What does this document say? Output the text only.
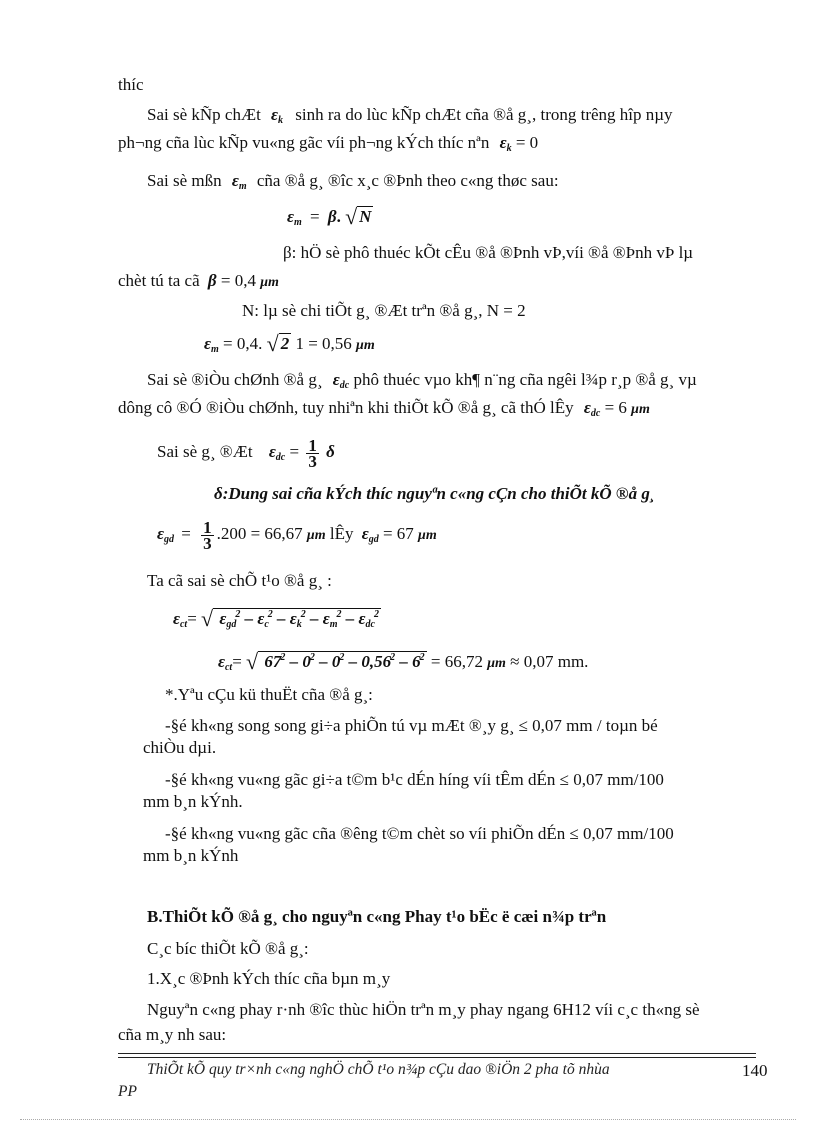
thíc
Sai sè kÑp chÆt εk sinh ra do lùc kÑp chÆt cña ®å g¸, trong trêng hîp nµy
ph¬ng cña lùc kÑp vu«ng gãc víi ph¬ng kÝch thíc nªn εk = 0
Sai sè mßn εm cña ®å g¸ ®îc x¸c ®Þnh theo c«ng thøc sau:
εm = β. √ N
β: hÖ sè phô thuéc kÕt cÊu ®å ®Þnh vÞ,víi ®å ®Þnh vÞ lµ
chèt tú ta cã β = 0,4 μm
N: lµ sè chi tiÕt g¸ ®Æt trªn ®å g¸, N = 2
εm = 0,4. √ 2 1 = 0,56 μm
Sai sè ®iÒu chØnh ®å g¸ εdc phô thuéc vµo kh¶ n¨ng cña ngêi l¾p r¸p ®å g¸ vµ
dông cô ®Ó ®iÒu chØnh, tuy nhiªn khi thiÕt kÕ ®å g¸ cã thÓ lÊy εdc = 6 μm
Sai sè g¸ ®Æt $\varepsilon dc = \frac{1}{3}$ δ
δ:Dung sai cña kÝch thíc nguyªn c«ng cÇn cho thiÕt kÕ ®å g¸
$\varepsilon gd = \frac{1}{3} .200 = 66,67$ μm lÊy εgd = 67 μm
Ta cã sai sè chÕ t¹o ®å g¸ :
εct= √ $\varepsilon gd^2 - \varepsilon c^2 - \varepsilon k^2 - \varepsilon m^2 - \varepsilon dc^2$
εct= √ $67^2 - 0^2 - 0^2 - 0,56^2 - 6^2 = 66,72$ μm ≈ 0,07 mm.
*.Yªu cÇu kü thuËt cña ®å g¸:
-§é kh«ng song song gi÷a phiÕn tú vµ mÆt ®¸y g¸ ≤ 0,07 mm / toµn bé
chiÒu dµi.
-§é kh«ng vu«ng gãc gi÷a t©m b¹c dÉn híng víi tÊm dÉn ≤ 0,07 mm/100
mm b¸n kÝnh.
-§é kh«ng vu«ng gãc cña ®êng t©m chèt so víi phiÕn dÉn ≤ 0,07 mm/100
mm b¸n kÝnh
B.ThiÕt kÕ ®å g¸ cho nguyªn c«ng Phay t¹o bËc ë cæi n¾p trªn
C¸c bíc thiÕt kÕ ®å g¸:
1.X¸c ®Þnh kÝch thíc cña bµn m¸y
Nguyªn c«ng phay r·nh ®îc thùc hiÖn trªn m¸y phay ngang 6H12 víi c¸c th«ng sè
cña m¸y nh sau:
ThiÕt kÕ quy tr×nh c«ng nghÖ chÕ t¹o n¾p cÇu dao ®iÖn 2 pha tõ nhùa
PP
140
